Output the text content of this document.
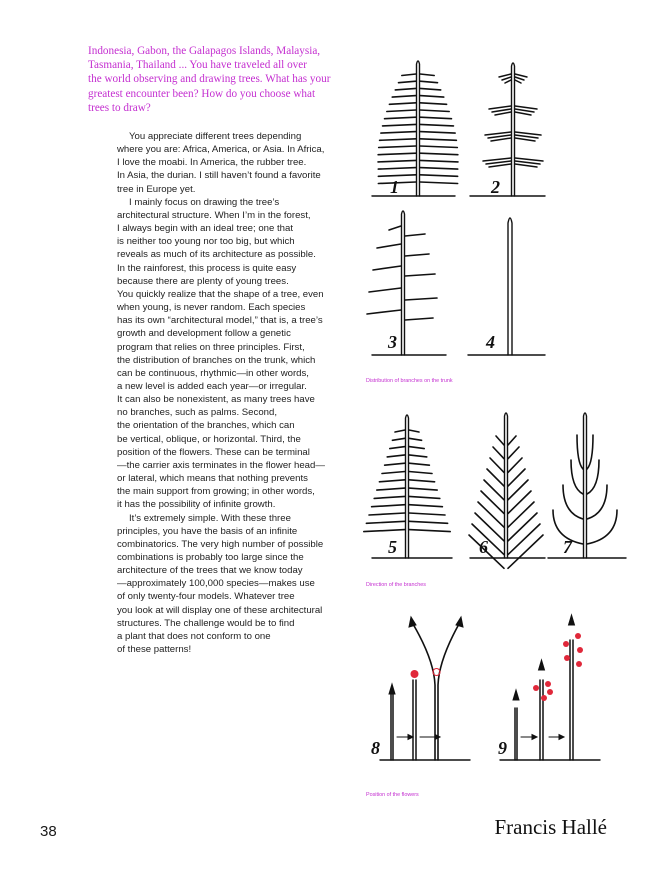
Indonesia, Gabon, the Galapagos Islands, Malaysia,
Tasmania, Thailand ... You have traveled all over
the world observing and drawing trees. What has your
greatest encounter been? How do you choose what
trees to draw?

You appreciate different trees depending
where you are: Africa, America, or Asia. In Africa,
I love the moabi. In America, the rubber tree.
In Asia, the durian. I still haven’t found a favorite
tree in Europe yet.

I mainly focus on drawing the tree’s
architectural structure. When I’m in the forest,
I always begin with an ideal tree; one that
is neither too young nor too big, but which
reveals as much of its architecture as possible.
In the rainforest, this process is quite easy
because there are plenty of young trees.
You quickly realize that the shape of a tree, even
when young, is never random. Each species
has its own “architectural model,” that is, a tree’s
growth and development follow a genetic
program that relies on three principles. First,
the distribution of branches on the trunk, which
can be continuous, rhythmic—in other words,
a new level is added each year—or irregular.
It can also be nonexistent, as many trees have
no branches, such as palms. Second,
the orientation of the branches, which can
be vertical, oblique, or horizontal. Third, the
position of the flowers. These can be terminal
—the carrier axis terminates in the flower head—
or lateral, which means that nothing prevents
the main support from growing; in other words,
it has the possibility of infinite growth.

It’s extremely simple. With these three
principles, you have the basis of an infinite
combinatorics. The very high number of possible
combinations is probably too large since the
architecture of the trees that we know today
—approximately 100,000 species—makes use
of only twenty-four models. Whatever tree
you look at will display one of these architectural
structures. The challenge would be to find
a plant that does not conform to one
of these patterns!

1	2
3	4
5	6	7
8	9
Distribution of branches on the trunk
Direction of the branches
Position of the flowers
38	Francis Hallé
